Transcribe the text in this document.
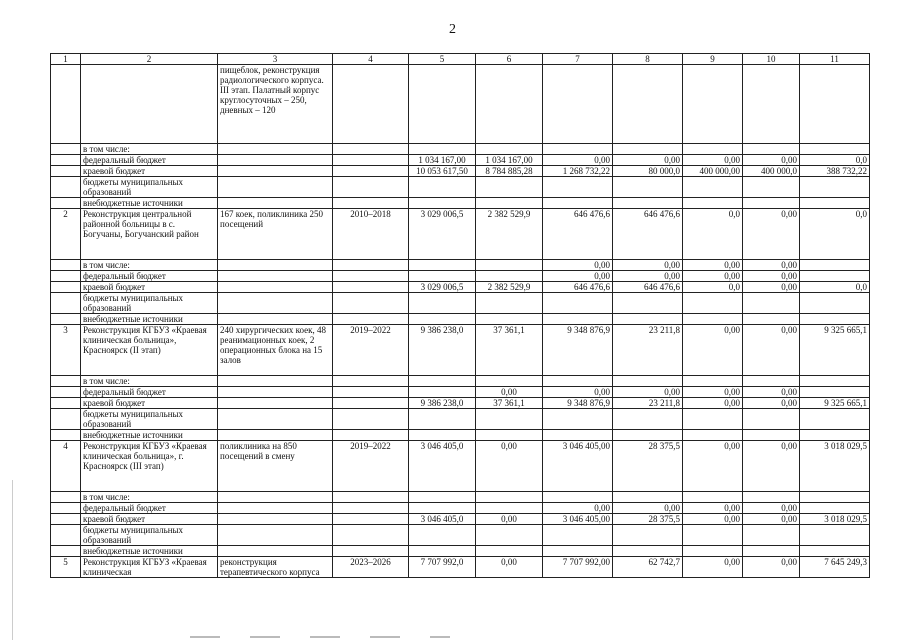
2
1	2	3	4	5	6	7	8	9	10	11
		пищеблок, реконструкция радиологического корпуса. III этап. Палатный корпус круглосуточных – 250, дневных – 120								
	в том числе:									
	федеральный бюджет			1 034 167,00	1 034 167,00	0,00	0,00	0,00	0,00	0,0
	краевой бюджет			10 053 617,50	8 784 885,28	1 268 732,22	80 000,0	400 000,00	400 000,0	388 732,22
	бюджеты муниципальных образований									
	внебюджетные источники									
2	Реконструкция центральной районной больницы в с. Богучаны, Богучанский район	167 коек, поликлиника 250 посещений	2010–2018	3 029 006,5	2 382 529,9	646 476,6	646 476,6	0,0	0,00	0,0
	в том числе:					0,00	0,00	0,00	0,00	
	федеральный бюджет					0,00	0,00	0,00	0,00	
	краевой бюджет			3 029 006,5	2 382 529,9	646 476,6	646 476,6	0,0	0,00	0,0
	бюджеты муниципальных образований									
	внебюджетные источники									
3	Реконструкция КГБУЗ «Краевая клиническая больница», Красноярск (II этап)	240 хирургических коек, 48 реанимационных коек, 2 операционных блока на 15 залов	2019–2022	9 386 238,0	37 361,1	9 348 876,9	23 211,8	0,00	0,00	9 325 665,1
	в том числе:									
	федеральный бюджет				0,00	0,00	0,00	0,00	0,00	
	краевой бюджет			9 386 238,0	37 361,1	9 348 876,9	23 211,8	0,00	0,00	9 325 665,1
	бюджеты муниципальных образований									
	внебюджетные источники									
4	Реконструкция КГБУЗ «Краевая клиническая больница», г. Красноярск (III этап)	поликлиника на 850 посещений в смену	2019–2022	3 046 405,0	0,00	3 046 405,00	28 375,5	0,00	0,00	3 018 029,5
	в том числе:									
	федеральный бюджет					0,00	0,00	0,00	0,00	
	краевой бюджет			3 046 405,0	0,00	3 046 405,00	28 375,5	0,00	0,00	3 018 029,5
	бюджеты муниципальных образований									
	внебюджетные источники									
5	Реконструкция КГБУЗ «Краевая клиническая	реконструкция терапевтического корпуса	2023–2026	7 707 992,0	0,00	7 707 992,00	62 742,7	0,00	0,00	7 645 249,3
